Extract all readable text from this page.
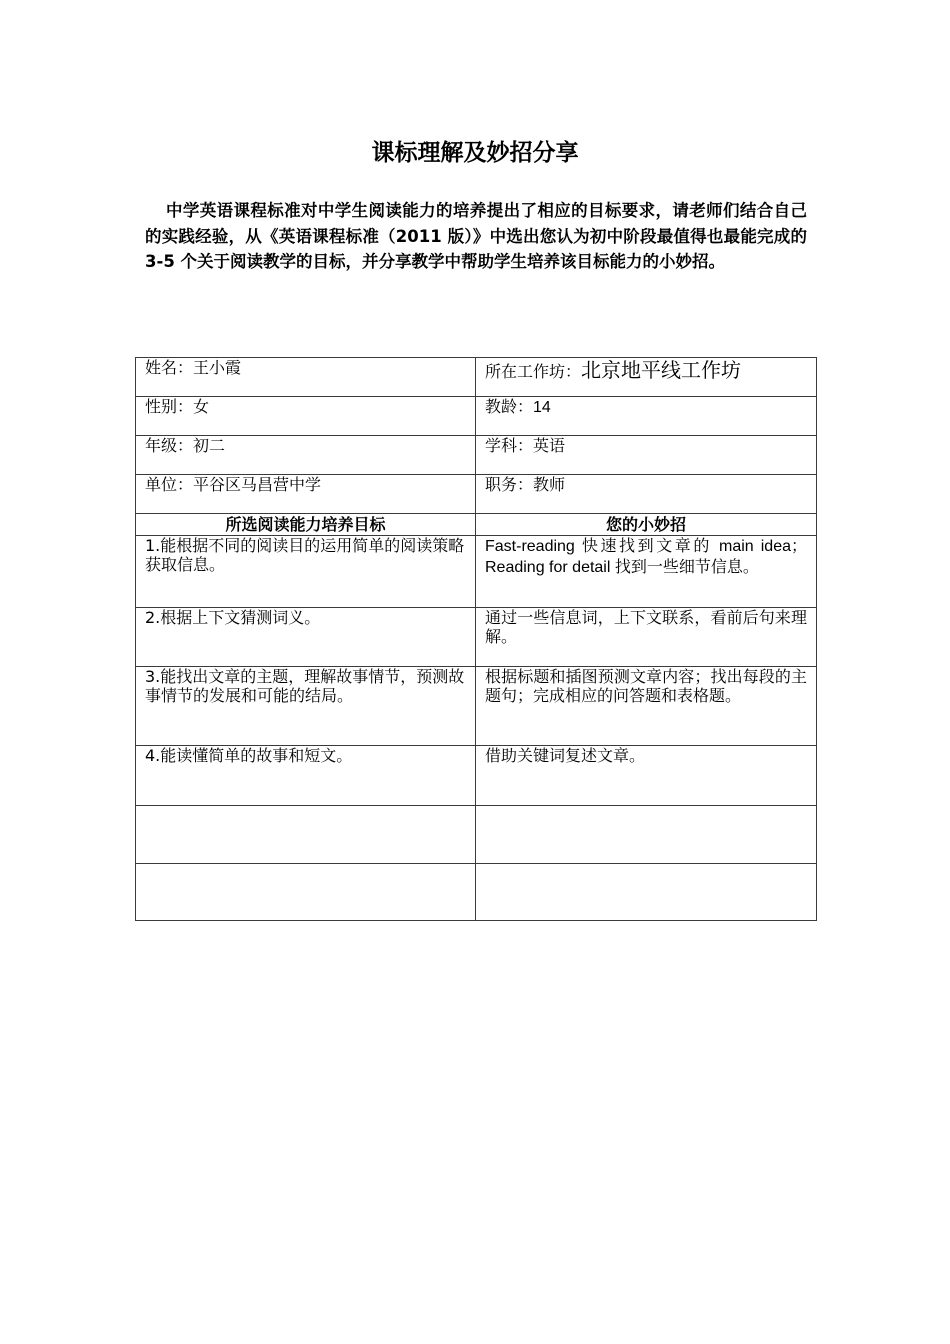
课标理解及妙招分享

中学英语课程标准对中学生阅读能力的培养提出了相应的目标要求，请老师们结合自己的实践经验，从《英语课程标准（2011 版）》中选出您认为初中阶段最值得也最能完成的 3-5 个关于阅读教学的目标，并分享教学中帮助学生培养该目标能力的小妙招。

姓名：王小霞	所在工作坊：北京地平线工作坊
性别：女	教龄：14
年级：初二	学科：英语
单位：平谷区马昌营中学	职务：教师
所选阅读能力培养目标	您的小妙招
1.能根据不同的阅读目的运用简单的阅读策略获取信息。	Fast-reading 快速找到文章的 main idea；
Reading for detail 找到一些细节信息。

2.根据上下文猜测词义。	通过一些信息词，上下文联系，看前后句来理解。
3.能找出文章的主题，理解故事情节，预测故事情节的发展和可能的结局。	根据标题和插图预测文章内容；找出每段的主题句；完成相应的问答题和表格题。
4.能读懂简单的故事和短文。	借助关键词复述文章。
